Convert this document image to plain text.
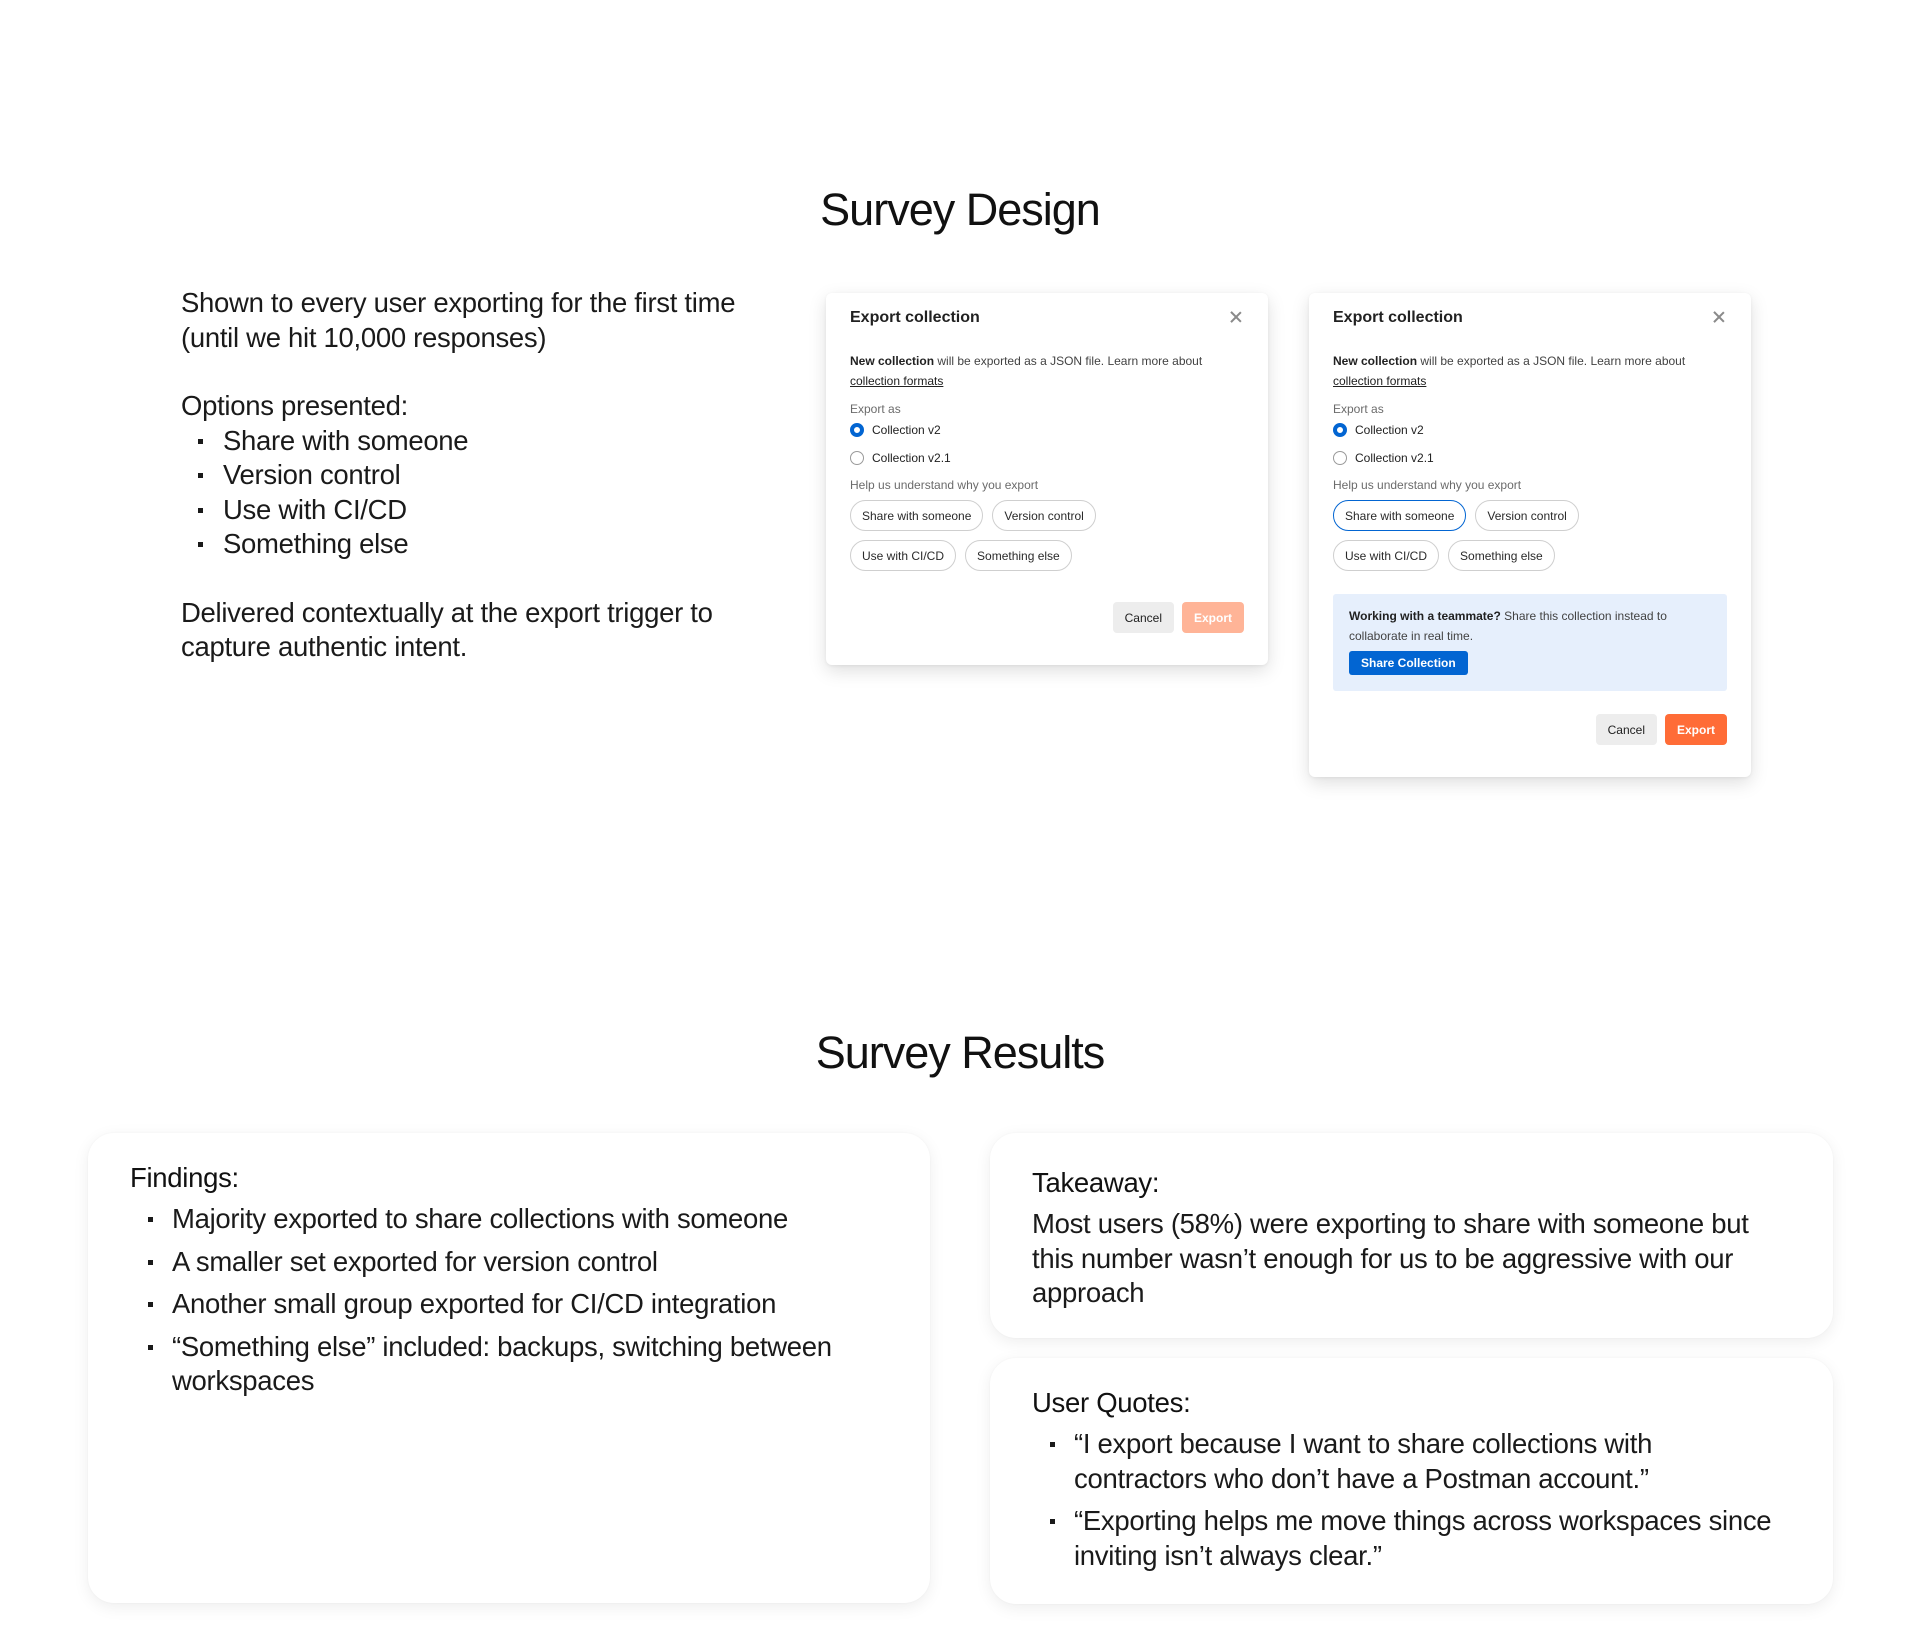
Survey Design

Shown to every user exporting for the first time

(until we hit 10,000 responses)

Options presented:

Share with someone
Version control
Use with CI/CD
Something else

Delivered contextually at the export trigger to

capture authentic intent.

Export collection
New collection will be exported as a JSON file. Learn more about
collection formats
Export as
Collection v2
Collection v2.1
Help us understand why you export
Share with someone	Version control
Use with CI/CD	Something else
Cancel	Export
Export collection
New collection will be exported as a JSON file. Learn more about
collection formats
Export as
Collection v2
Collection v2.1
Help us understand why you export
Share with someone	Version control
Use with CI/CD	Something else
Working with a teammate? Share this collection instead to collaborate in real time.
Share Collection
Cancel	Export
Survey Results
Findings:
Majority exported to share collections with someone
A smaller set exported for version control
Another small group exported for CI/CD integration
“Something else” included: backups, switching between workspaces
Takeaway:

Most users (58%) were exporting to share with someone but this number wasn’t enough for us to be aggressive with our approach

User Quotes:
“I export because I want to share collections with contractors who don’t have a Postman account.”
“Exporting helps me move things across workspaces since inviting isn’t always clear.”
